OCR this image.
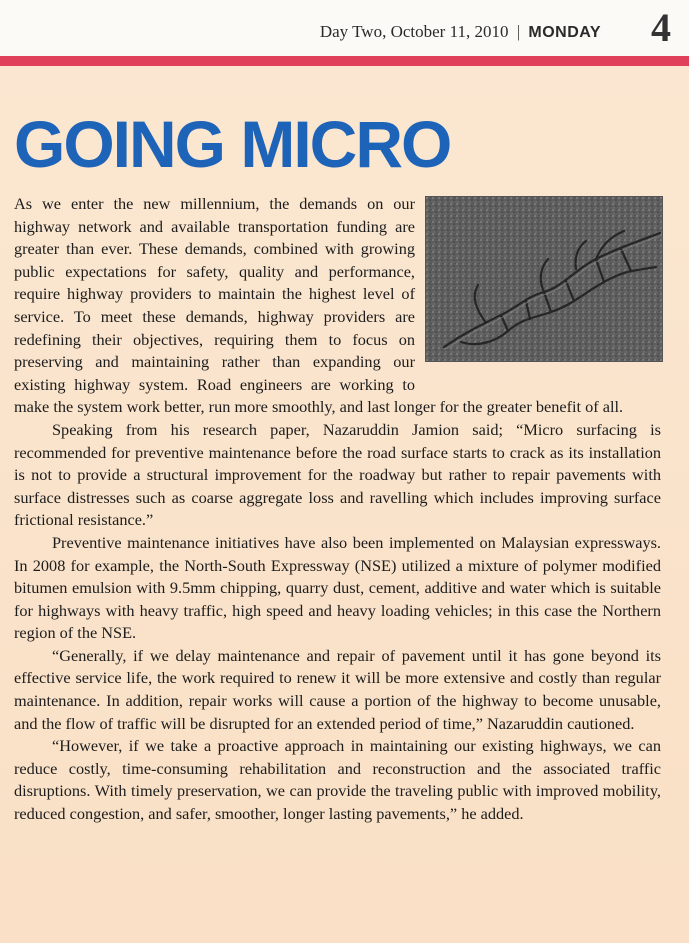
Day Two, October 11, 2010 | MONDAY 4
GOING MICRO

As we enter the new millennium, the demands on our highway network and available transportation funding are greater than ever. These demands, combined with growing public expectations for safety, quality and performance, require highway providers to maintain the highest level of service. To meet these demands, highway providers are redefining their objectives, requiring them to focus on preserving and maintaining rather than expanding our existing highway system. Road engineers are working to make the system work better, run more smoothly, and last longer for the greater benefit of all.

Speaking from his research paper, Nazaruddin Jamion said; “Micro surfacing is recommended for preventive maintenance before the road surface starts to crack as its installation is not to provide a structural improvement for the roadway but rather to repair pavements with surface distresses such as coarse aggregate loss and ravelling which includes improving surface frictional resistance.”

Preventive maintenance initiatives have also been implemented on Malaysian expressways. In 2008 for example, the North-South Expressway (NSE) utilized a mixture of polymer modified bitumen emulsion with 9.5mm chipping, quarry dust, cement, additive and water which is suitable for highways with heavy traffic, high speed and heavy loading vehicles; in this case the Northern region of the NSE.

“Generally, if we delay maintenance and repair of pavement until it has gone beyond its effective service life, the work required to renew it will be more extensive and costly than regular maintenance. In addition, repair works will cause a portion of the highway to become unusable, and the flow of traffic will be disrupted for an extended period of time,” Nazaruddin cautioned.

“However, if we take a proactive approach in maintaining our existing highways, we can reduce costly, time-consuming rehabilitation and reconstruction and the associated traffic disruptions. With timely preservation, we can provide the traveling public with improved mobility, reduced congestion, and safer, smoother, longer lasting pavements,” he added.
